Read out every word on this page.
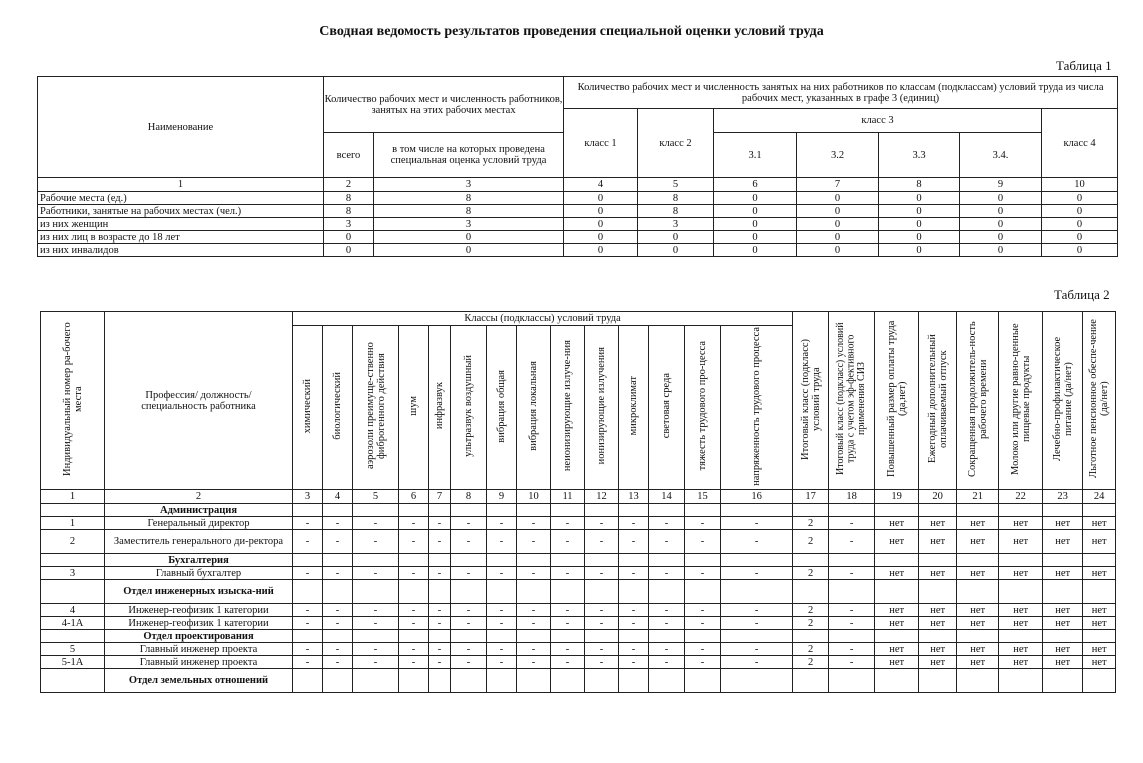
Сводная ведомость результатов проведения специальной оценки условий труда
Таблица 1
Наименование	Количество рабочих мест и численность работников, занятых на этих рабочих местах		Количество рабочих мест и численность занятых на них работников по классам (подклассам) условий труда из числа рабочих мест, указанных в графе 3 (единиц)						
			класс 1	класс 2	класс 3				класс 4
	всего	в том числе на которых проведена специальная оценка условий труда			3.1	3.2	3.3	3.4.	
1	2	3	4	5	6	7	8	9	10
Рабочие места (ед.)	8	8	0	8	0	0	0	0	0
Работники, занятые на рабочих местах (чел.)	8	8	0	8	0	0	0	0	0
из них женщин	3	3	0	3	0	0	0	0	0
из них лиц в возрасте до 18 лет	0	0	0	0	0	0	0	0	0
из них инвалидов	0	0	0	0	0	0	0	0	0
Таблица 2
Индивидуальный номер ра-бочего места	Профессия/ должность/ специальность работника	Классы (подклассы) условий труда														Итоговый класс (подкласс) условий труда	Итоговый класс (подкласс) условий труда с учетом эф-фективного применения СИЗ	Повышенный размер оплаты труда (да,нет)	Ежегодный дополнительный оплачиваемый отпуск	Сокращенная продолжитель-ность рабочего времени	Молоко или другие равно-ценные пищевые продукты	Лечебно-профилактическое питание (да/нет)	Льготное пенсионное обеспе-чение (да/нет)
		химический	биологический	аэрозоли преимуще-ственно фиброгенного действия	шум	инфразвук	ультразвук воздушный	вибрация общая	вибрация локальная	неионизирующие излуче-ния	ионизирующие излучения	микроклимат	световая среда	тяжесть трудового про-цесса	напряженность трудового процесса								
1	2	3	4	5	6	7	8	9	10	11	12	13	14	15	16	17	18	19	20	21	22	23	24
	Администрация																						
1	Генеральный директор	-	-	-	-	-	-	-	-	-	-	-	-	-	-	2	-	нет	нет	нет	нет	нет	нет
2	Заместитель генерального ди-ректора	-	-	-	-	-	-	-	-	-	-	-	-	-	-	2	-	нет	нет	нет	нет	нет	нет
	Бухгалтерия																						
3	Главный бухгалтер	-	-	-	-	-	-	-	-	-	-	-	-	-	-	2	-	нет	нет	нет	нет	нет	нет
	Отдел инженерных изыска-ний																						
4	Инженер-геофизик 1 категории	-	-	-	-	-	-	-	-	-	-	-	-	-	-	2	-	нет	нет	нет	нет	нет	нет
4-1А	Инженер-геофизик 1 категории	-	-	-	-	-	-	-	-	-	-	-	-	-	-	2	-	нет	нет	нет	нет	нет	нет
	Отдел проектирования																						
5	Главный инженер проекта	-	-	-	-	-	-	-	-	-	-	-	-	-	-	2	-	нет	нет	нет	нет	нет	нет
5-1А	Главный инженер проекта	-	-	-	-	-	-	-	-	-	-	-	-	-	-	2	-	нет	нет	нет	нет	нет	нет
	Отдел земельных отношений																						
